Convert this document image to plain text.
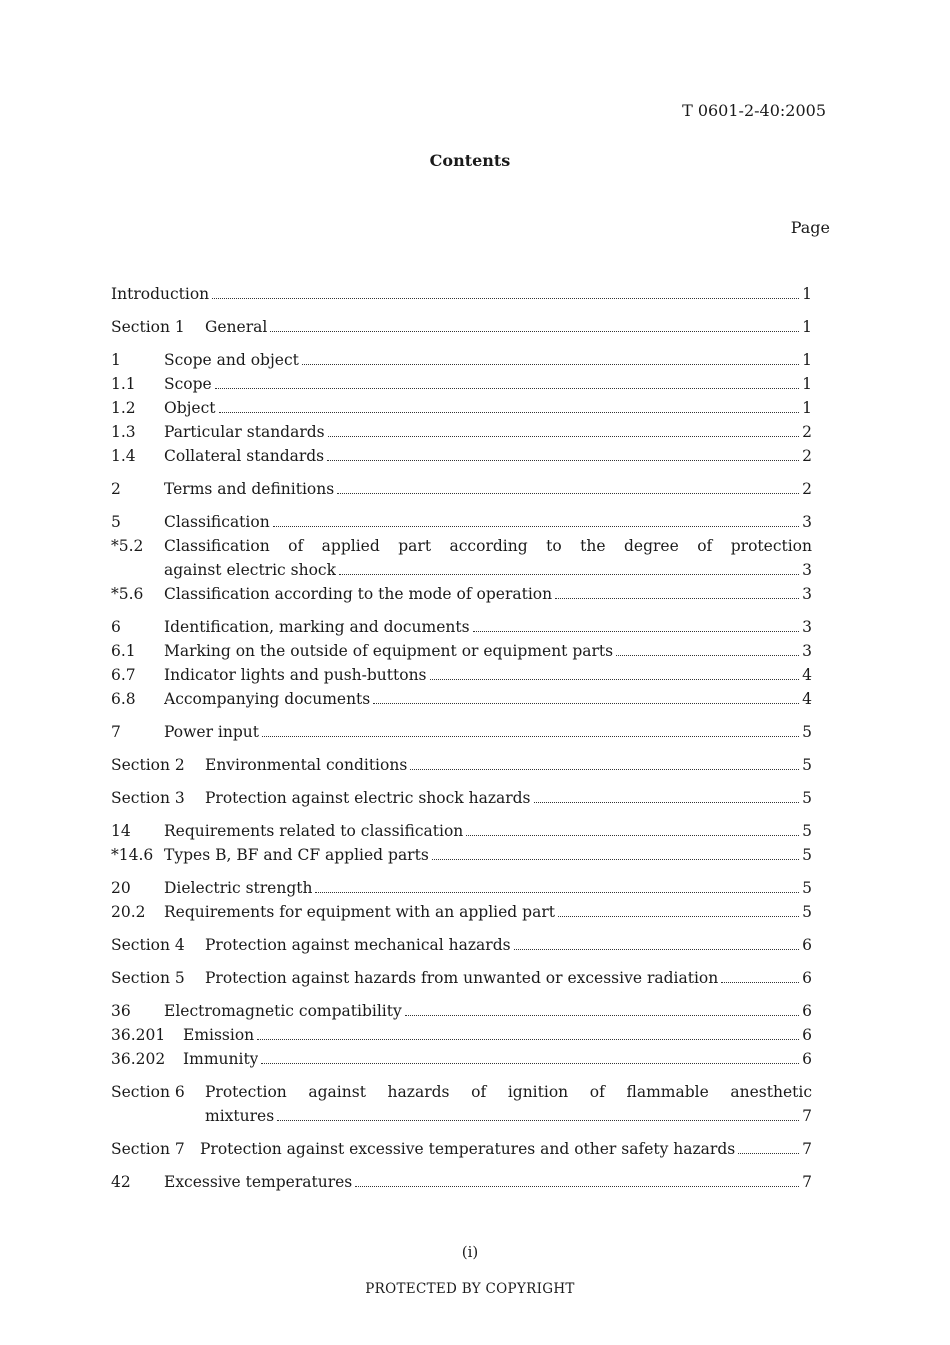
T 0601-2-40:2005
Contents
Page
Introduction	1
Section 1	General	1
1	Scope and object	1
1.1	Scope	1
1.2	Object	1
1.3	Particular standards	2
1.4	Collateral standards	2
2	Terms and definitions	2
5	Classification	3
*5.2	Classification of applied part according to the degree of protection
against electric shock	3
*5.6	Classification according to the mode of operation	3
6	Identification, marking and documents	3
6.1	Marking on the outside of equipment or equipment parts	3
6.7	Indicator lights and push-buttons	4
6.8	Accompanying documents	4
7	Power input	5
Section 2	Environmental conditions	5
Section 3	Protection against electric shock hazards	5
14	Requirements related to classification	5
*14.6 Types B, BF and CF applied parts	5
20	Dielectric strength	5
20.2	Requirements for equipment with an applied part	5
Section 4	Protection against mechanical hazards	6
Section 5	Protection against hazards from unwanted or excessive radiation	6
36	Electromagnetic compatibility	6
36.201	Emission	6
36.202	Immunity	6
Section 6	Protection against hazards of ignition of flammable anesthetic
mixtures	7
Section 7 Protection against excessive temperatures and other safety hazards	7
42	Excessive temperatures	7
(i)
PROTECTED BY COPYRIGHT
